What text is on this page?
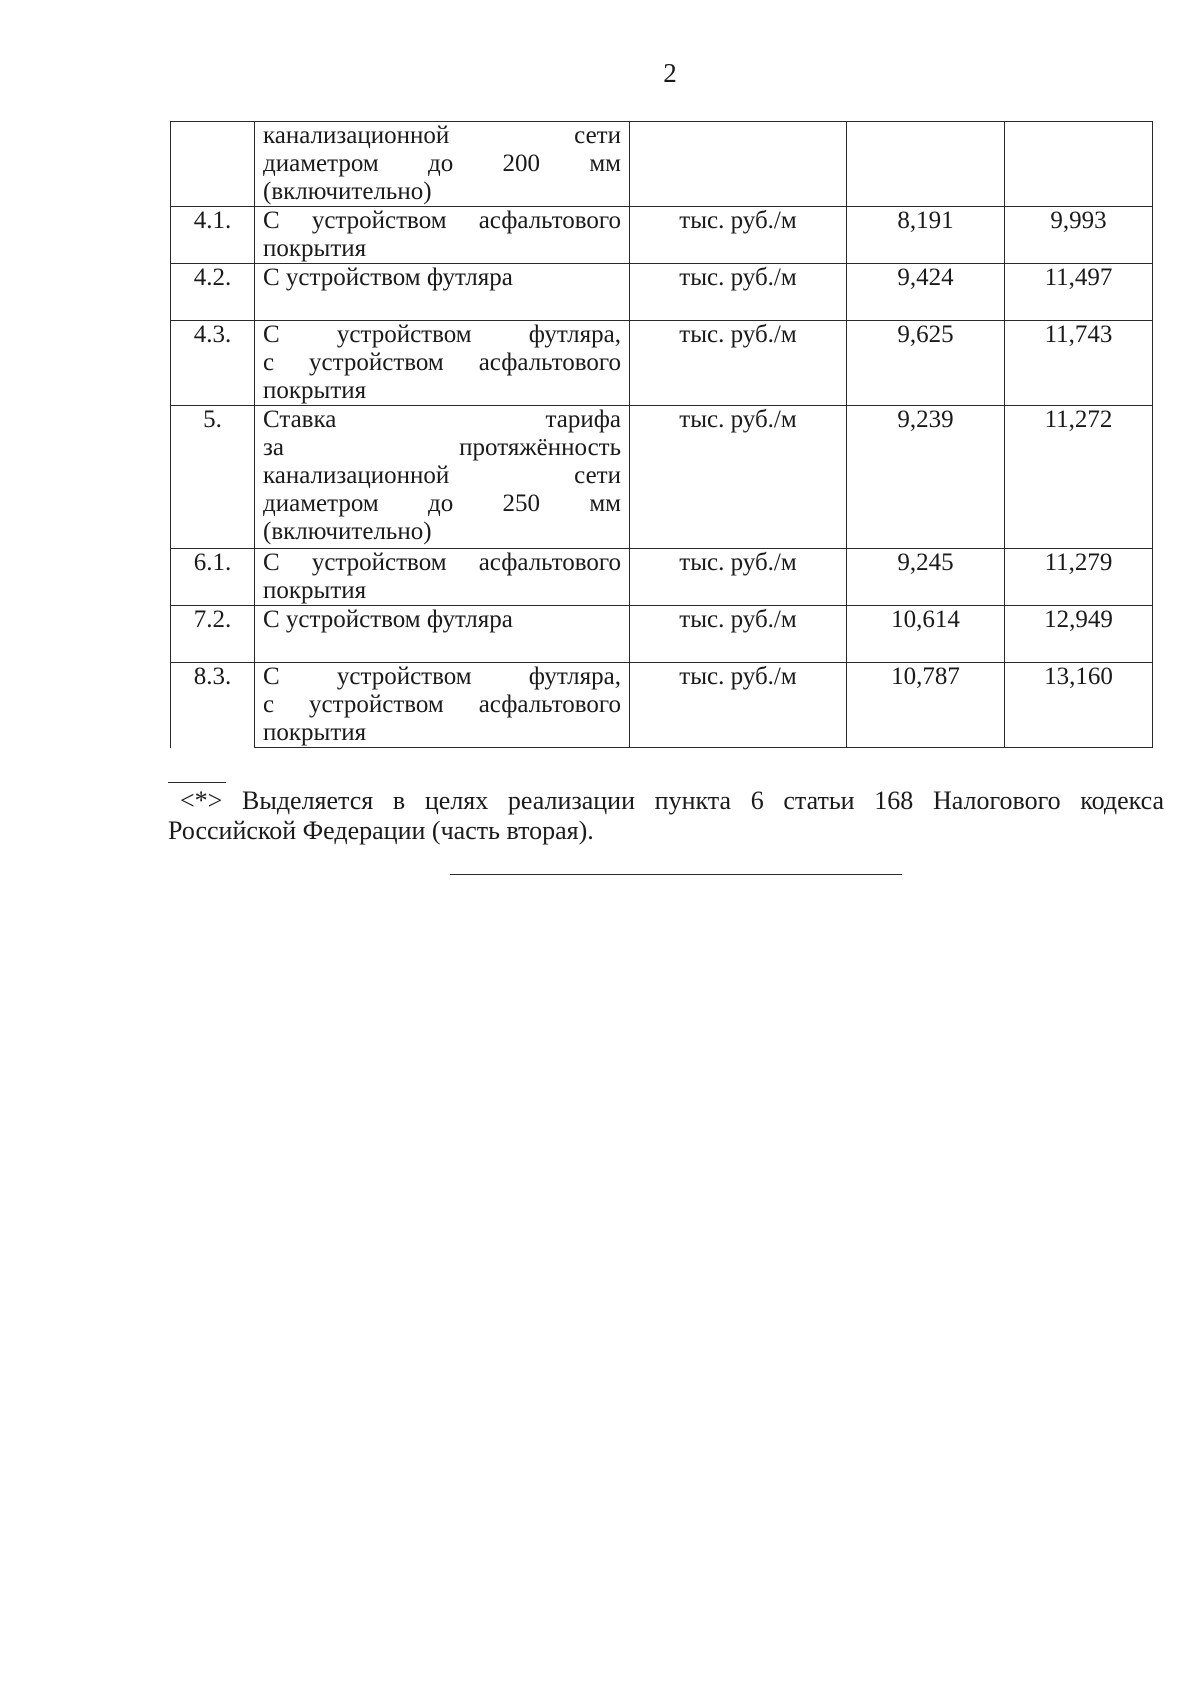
2

	канализационной сети
диаметром до 200 мм
(включительно)			

4.1.	С устройством асфальтового
покрытия	тыс. руб./м	8,191	9,993
4.2.	С устройством футляра	тыс. руб./м	9,424	11,497
4.3.	С устройством футляра,
с устройством асфальтового
покрытия	тыс. руб./м	9,625	11,743
5.	Ставка тарифа
за протяжённость
канализационной сети
диаметром до 250 мм
(включительно)	тыс. руб./м	9,239	11,272
6.1.	С устройством асфальтового
покрытия	тыс. руб./м	9,245	11,279
7.2.	С устройством футляра	тыс. руб./м	10,614	12,949
8.3.	С устройством футляра,
с устройством асфальтового
покрытия	тыс. руб./м	10,787	13,160
<*> Выделяется в целях реализации пункта 6 статьи 168 Налогового кодекса Российской Федерации (часть вторая).
